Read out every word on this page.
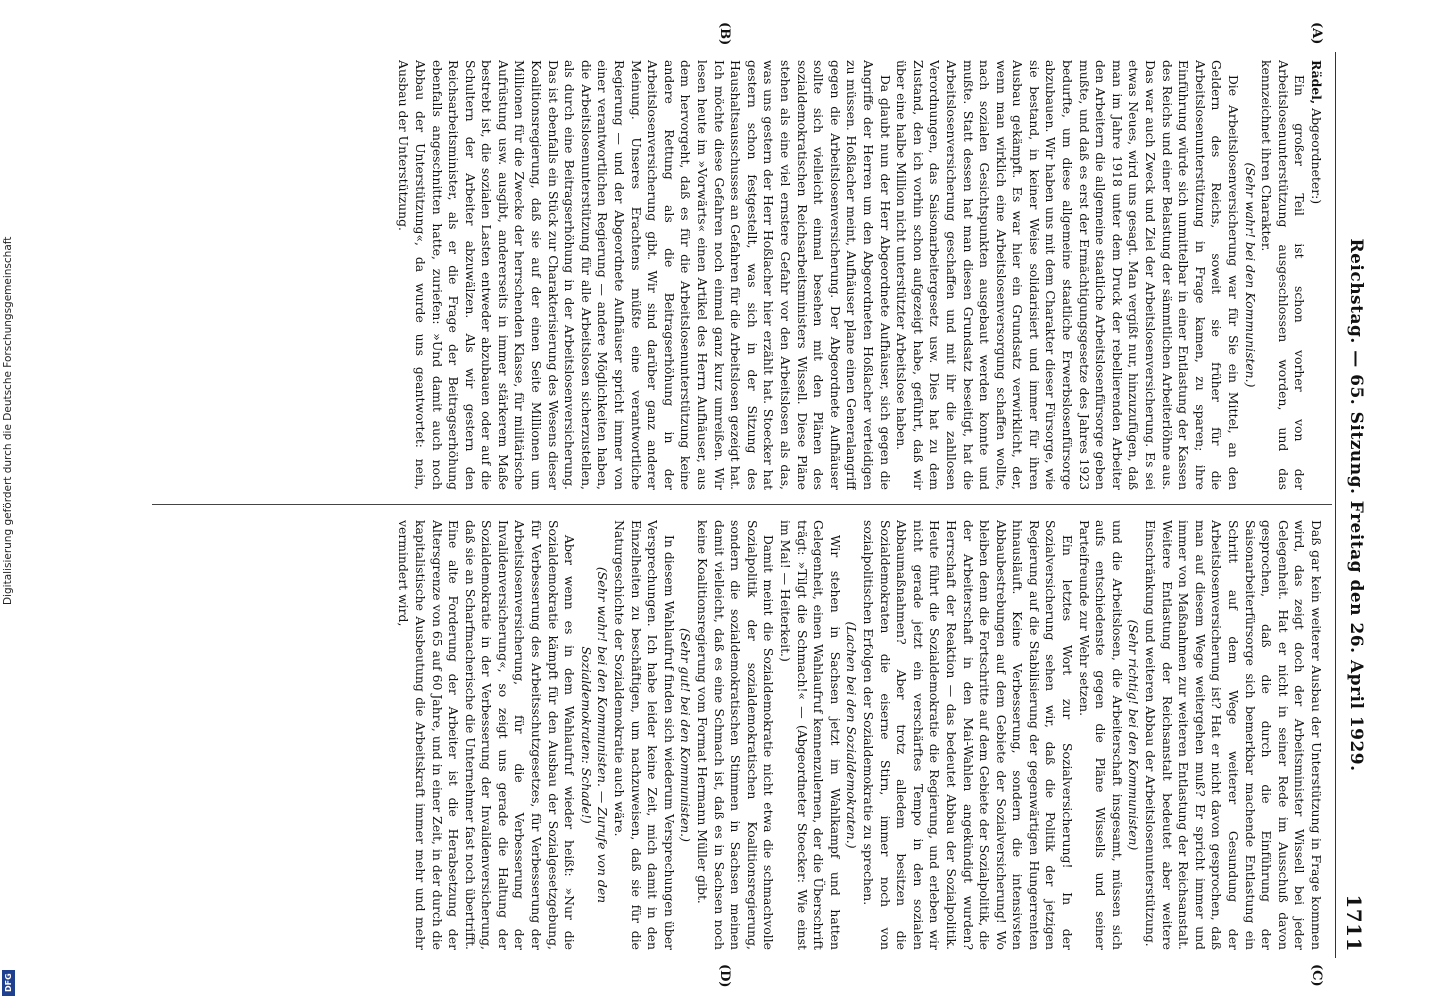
Reichstag. — 65. Sitzung. Freitag den 26. April 1929.
1711
(A)
(B)
(C)
(D)

Rädel, Abgeordneter:)

Ein großer Teil ist schon vorher von der Arbeitslosenunterstützung ausgeschlossen worden, und das kennzeichnet ihren Charakter.

(Sehr wahr! bei den Kommunisten.)

Die Arbeitslosenversicherung war für Sie ein Mittel, an den Geldern des Reichs, soweit sie früher für die Arbeitslosenunterstützung in Frage kamen, zu sparen; ihre Einführung würde sich unmittelbar in einer Entlastung der Kassen des Reichs und einer Belastung der sämmtlichen Arbeiterlöhne aus. Das war auch Zweck und Ziel der Arbeitslosenversicherung. Es sei etwas Neues, wird uns gesagt. Man vergißt nur, hinzuzufügen, daß man im Jahre 1918 unter dem Druck der rebellierenden Arbeiter den Arbeitern die allgemeine staatliche Arbeitslosenfürsorge geben mußte, und daß es erst der Ermächtigungsgesetze des Jahres 1923 bedurfte, um diese allgemeine staatliche Erwerbslosenfürsorge abzubauen. Wir haben uns mit dem Charakter dieser Fürsorge, wie sie bestand, in keiner Weise solidarisiert und immer für ihren Ausbau gekämpft. Es war hier ein Grundsatz verwirklicht, der, wenn man wirklich eine Arbeitslosenversorgung schaffen wollte, nach sozialen Gesichtspunkten ausgebaut werden konnte und mußte. Statt dessen hat man diesen Grundsatz beseitigt, hat die Arbeitslosenversicherung geschaffen und mit ihr die zahllosen Verordnungen, das Saisonarbeitergesetz usw. Dies hat zu dem Zustand, den ich vorhin schon aufgezeigt habe, geführt, daß wir über eine halbe Million nicht unterstützter Arbeitslose haben.

Da glaubt nun der Herr Abgeordnete Aufhäuser, sich gegen die Angriffe der Herren um den Abgeordneten Hoßlacher verteidigen zu müssen. Hoßlacher meint, Aufhäuser plane einen Generalangriff gegen die Arbeitslosenversicherung. Der Abgeordnete Aufhäuser sollte sich vielleicht einmal besehen mit den Plänen des sozialdemokratischen Reichsarbeitsministers Wissell. Diese Pläne stehen als eine viel ernstere Gefahr vor den Arbeitslosen als das, was uns gestern der Herr Hoßlacher hier erzählt hat. Stoecker hat gestern schon festgestellt, was sich in der Sitzung des Haushaltsausschusses an Gefahren für die Arbeitslosen gezeigt hat. Ich möchte diese Gefahren noch einmal ganz kurz umreißen. Wir lesen heute im »Vorwärts« einen Artikel des Herrn Aufhäuser, aus dem hervorgeht, daß es für die Arbeitslosenunterstützung keine andere Rettung als die Beitragserhöhung in der Arbeitslosenversicherung gibt. Wir sind darüber ganz anderer Meinung. Unseres Erachtens müßte eine verantwortliche Regierung — und der Abgeordnete Aufhäuser spricht immer von einer verantwortlichen Regierung — andere Möglichkeiten haben, die Arbeitslosenunterstützung für alle Arbeitslosen sicherzustellen, als durch eine Beitragserhöhung in der Arbeitslosenversicherung. Das ist ebenfalls ein Stück zur Charakterisierung des Wesens dieser Koalitionsregierung, daß sie auf der einen Seite Millionen um Millionen für die Zwecke der herrschenden Klasse, für militärische Aufrüstung usw. ausgibt, andererseits in immer stärkerem Maße bestrebt ist, die sozialen Lasten entweder abzubauen oder auf die Schultern der Arbeiter abzuwälzen. Als wir gestern den Reichsarbeitsminister, als er die Frage der Beitragserhöhung ebenfalls angeschnitten hatte, zuriefen: »Und damit auch noch Abbau der Unterstützung«, da wurde uns geantwortet: nein, Ausbau der Unterstützung.

Daß gar kein weiterer Ausbau der Unterstützung in Frage kommen wird, das zeigt doch der Arbeitsminister Wissell bei jeder Gelegenheit. Hat er nicht in seiner Rede im Ausschuß davon gesprochen, daß die durch die Einführung der Saisonarbeiterfürsorge sich bemerkbar machende Entlastung ein Schritt auf dem Wege weiterer Gesundung der Arbeitslosenversicherung ist? Hat er nicht davon gesprochen, daß man auf diesem Wege weitergehen muß? Er spricht immer und immer von Maßnahmen zur weiteren Entlastung der Reichsanstalt. Weitere Entlastung der Reichsanstalt bedeutet aber weitere Einschränkung und weiteren Abbau der Arbeitslosenunterstützung.

(Sehr richtig! bei den Kommunisten)

und die Arbeitslosen, die Arbeiterschaft insgesamt, müssen sich aufs entschiedenste gegen die Pläne Wissells und seiner Parteifreunde zur Wehr setzen.

Ein letztes Wort zur Sozialversicherung! In der Sozialversicherung sehen wir, daß die Politik der jetzigen Regierung auf die Stabilisierung der gegenwärtigen Hungerrenten hinausläuft. Keine Verbesserung, sondern die intensivsten Abbaubestrebungen auf dem Gebiete der Sozialversicherung! Wo bleiben denn die Fortschritte auf dem Gebiete der Sozialpolitik, die der Arbeiterschaft in den Mai-Wahlen angekündigt wurden? Herrschaft der Reaktion — das bedeutet Abbau der Sozialpolitik. Heute führt die Sozialdemokratie die Regierung, und erleben wir nicht gerade jetzt ein verschärftes Tempo in den sozialen Abbaumaßnahmen? Aber trotz alledem besitzen die Sozialdemokraten die eiserne Stirn, immer noch von sozialpolitischen Erfolgen der Sozialdemokratie zu sprechen.

(Lachen bei den Sozialdemokraten.)

Wir stehen in Sachsen jetzt im Wahlkampf und hatten Gelegenheit, einen Wahlaufruf kennenzulernen, der die Überschrift trägt: »Tilgt die Schmach!« — (Abgeordneter Stoecker: Wie einst im Mai! — Heiterkeit.)

Damit meint die Sozialdemokratie nicht etwa die schmachvolle Sozialpolitik der sozialdemokratischen Koalitionsregierung, sondern die sozialdemokratischen Stimmen in Sachsen meinen damit vielleicht, daß es eine Schmach ist, daß es in Sachsen noch keine Koalitionsregierung vom Format Hermann Müller gibt.

(Sehr gut! bei den Kommunisten.)

In diesem Wahlaufruf finden sich wiederum Versprechungen über Versprechungen. Ich habe leider keine Zeit, mich damit in den Einzelheiten zu beschäftigen, um nachzuweisen, daß sie für die Naturgeschichte der Sozialdemokratie auch wäre.

(Sehr wahr! bei den Kommunisten. — Zurufe von den Sozialdemokraten: Schade!)

Aber wenn es in dem Wahlaufruf wieder heißt: »Nur die Sozialdemokratie kämpft für den Ausbau der Sozialgesetzgebung, für Verbesserung des Arbeitsschutzgesetzes, für Verbesserung der Arbeitslosenversicherung, für die Verbesserung der Invalidenversicherung«, so zeigt uns gerade die Haltung der Sozialdemokratie in der Verbesserung der Invalidenversicherung, daß sie an Scharfmacherische die Unternehmer fast noch übertrifft. Eine alte Forderung der Arbeiter ist die Herabsetzung der Altersgrenze von 65 auf 60 Jahre, und in einer Zeit, in der durch die kapitalistische Ausbeutung die Arbeitskraft immer mehr und mehr vermindert wird,

Digitalisierung gefördert durch die Deutsche Forschungsgemeinschaft
DFG
